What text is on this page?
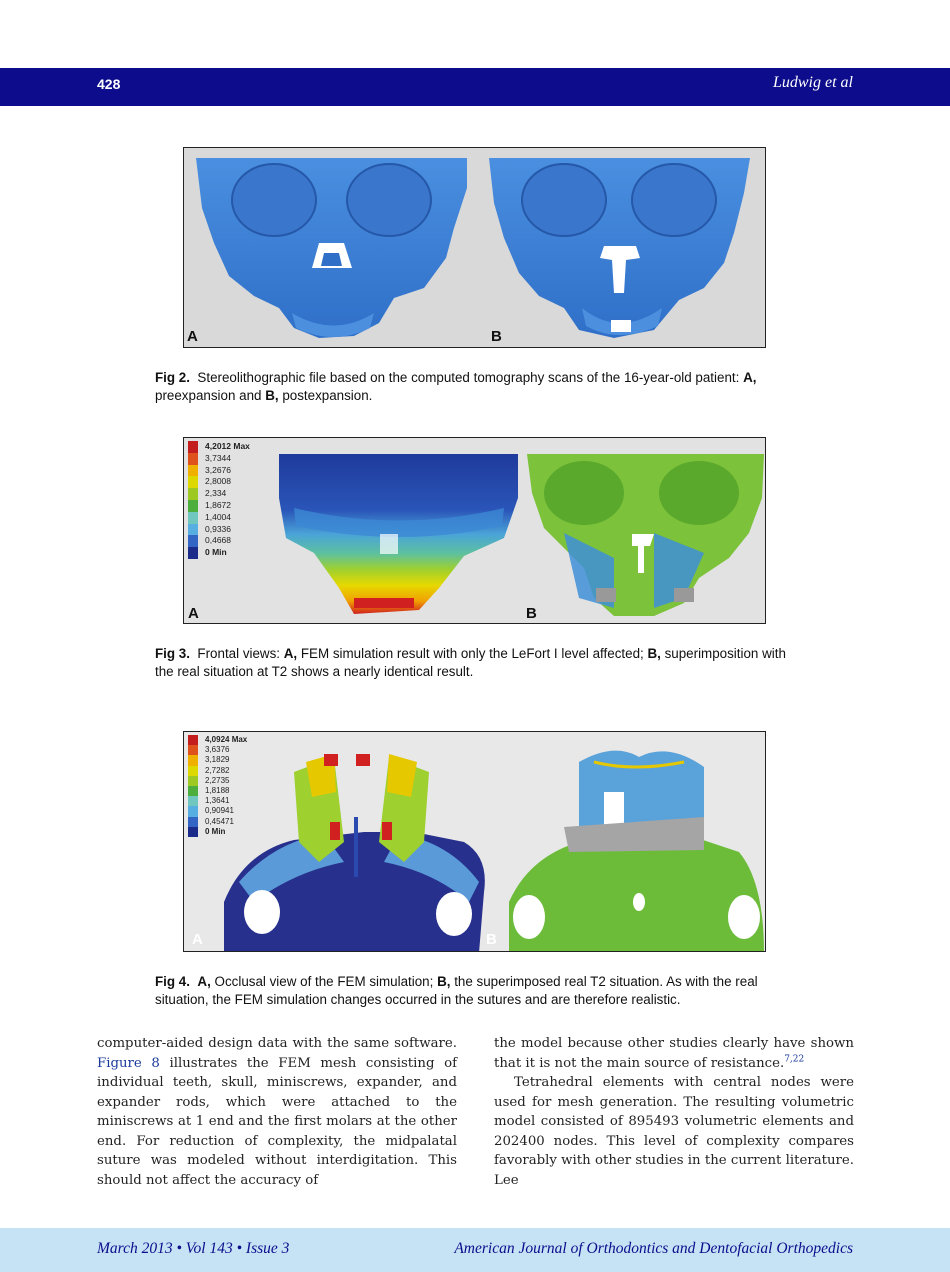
428	Ludwig et al
A	B
Fig 2. Stereolithographic file based on the computed tomography scans of the 16-year-old patient: A, preexpansion and B, postexpansion.
4,2012 Max
3,7344
3,2676
2,8008
2,334
1,8672
1,4004
0,9336
0,4668
0 Min
A	B
Fig 3. Frontal views: A, FEM simulation result with only the LeFort I level affected; B, superimposition with the real situation at T2 shows a nearly identical result.
4,0924 Max
3,6376
3,1829
2,7282
2,2735
1,8188
1,3641
0,90941
0,45471
0 Min
A	B
Fig 4. A, Occlusal view of the FEM simulation; B, the superimposed real T2 situation. As with the real situation, the FEM simulation changes occurred in the sutures and are therefore realistic.
computer-aided design data with the same software. Figure 8 illustrates the FEM mesh consisting of individual teeth, skull, miniscrews, expander, and expander rods, which were attached to the miniscrews at 1 end and the first molars at the other end. For reduction of complexity, the midpalatal suture was modeled without interdigitation. This should not affect the accuracy of

the model because other studies clearly have shown that it is not the main source of resistance.$^{7,22}$

Tetrahedral elements with central nodes were used for mesh generation. The resulting volumetric model consisted of 895493 volumetric elements and 202400 nodes. This level of complexity compares favorably with other studies in the current literature. Lee

March 2013 • Vol 143 • Issue 3	American Journal of Orthodontics and Dentofacial Orthopedics
